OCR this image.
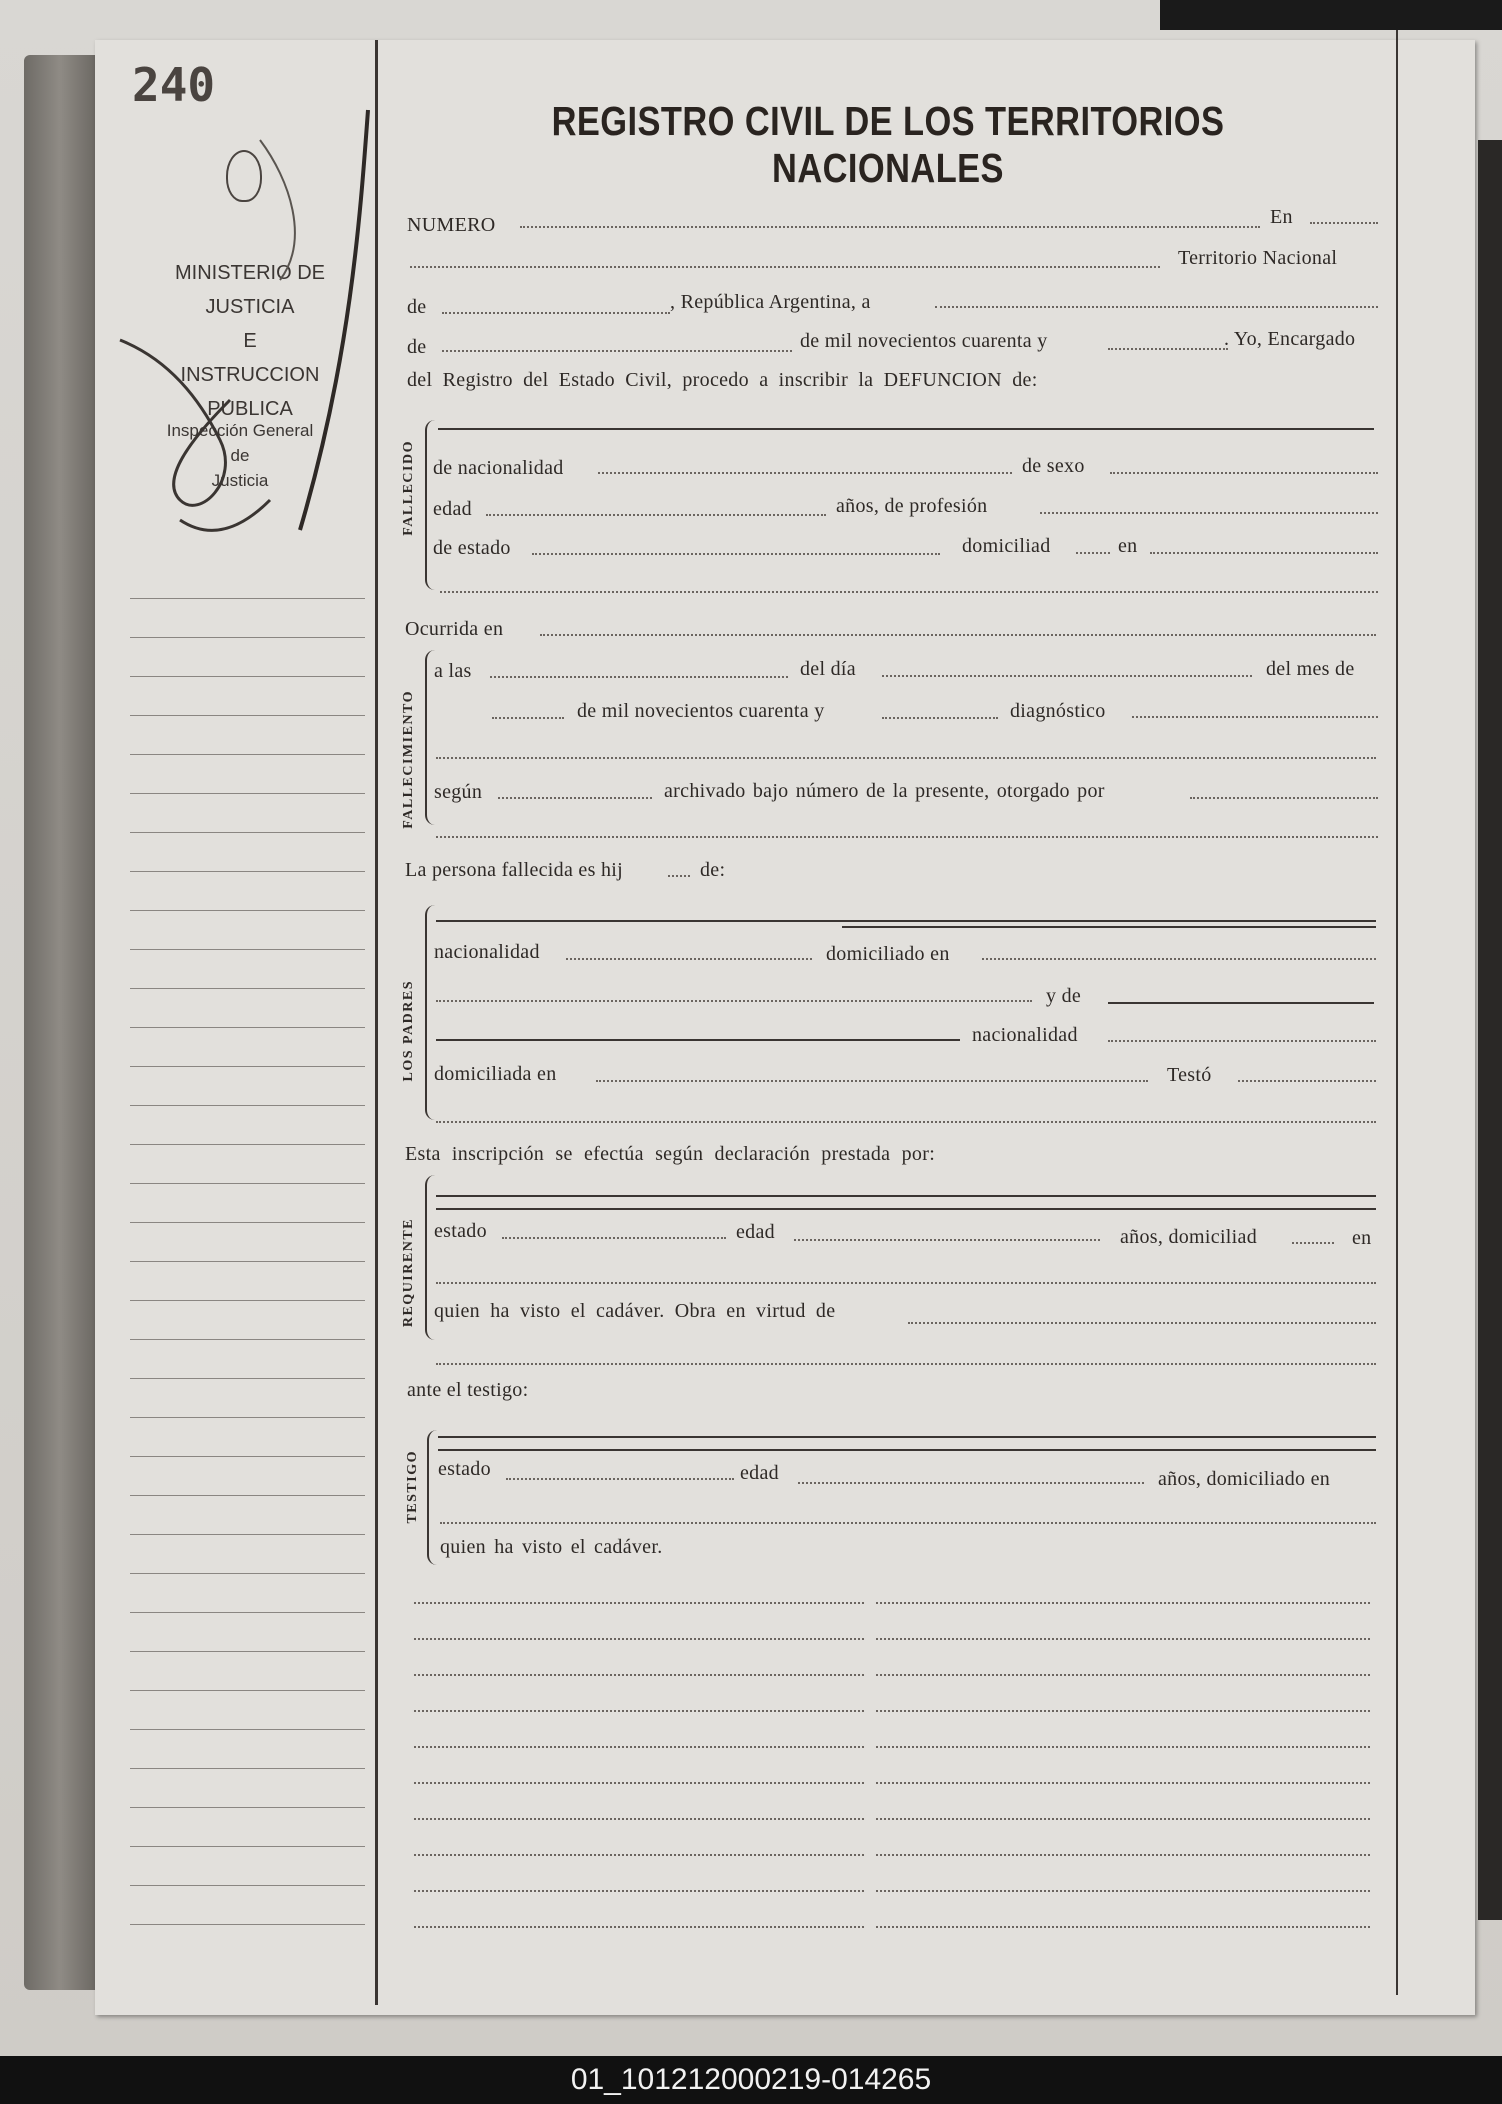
240
MINISTERIO DE JUSTICIA
E
INSTRUCCION PUBLICA
Inspección General
de
Justicia
REGISTRO CIVIL DE LOS TERRITORIOS NACIONALES
NUMERO	En
Territorio Nacional
de	, República Argentina, a
de	de mil novecientos cuarenta y	. Yo, Encargado
del Registro del Estado Civil, procedo a inscribir la DEFUNCION de:
FALLECIDO de nacionalidad	de sexo
edad	años, de profesión
de estado	domiciliad	en
Ocurrida en
FALLECIMIENTO
a las	del día	del mes de
de mil novecientos cuarenta y	diagnóstico
según	archivado bajo número de la presente, otorgado por
La persona fallecida es hij	de:
LOS PADRES
nacionalidad	domiciliado en
y de
nacionalidad
domiciliada en	Testó
Esta inscripción se efectúa según declaración prestada por:
REQUIRENTE estado	edad	años, domiciliad	en
quien ha visto el cadáver. Obra en virtud de
ante el testigo:
TESTIGO estado	edad	años, domiciliado en
quien ha visto el cadáver.
01_101212000219-014265
